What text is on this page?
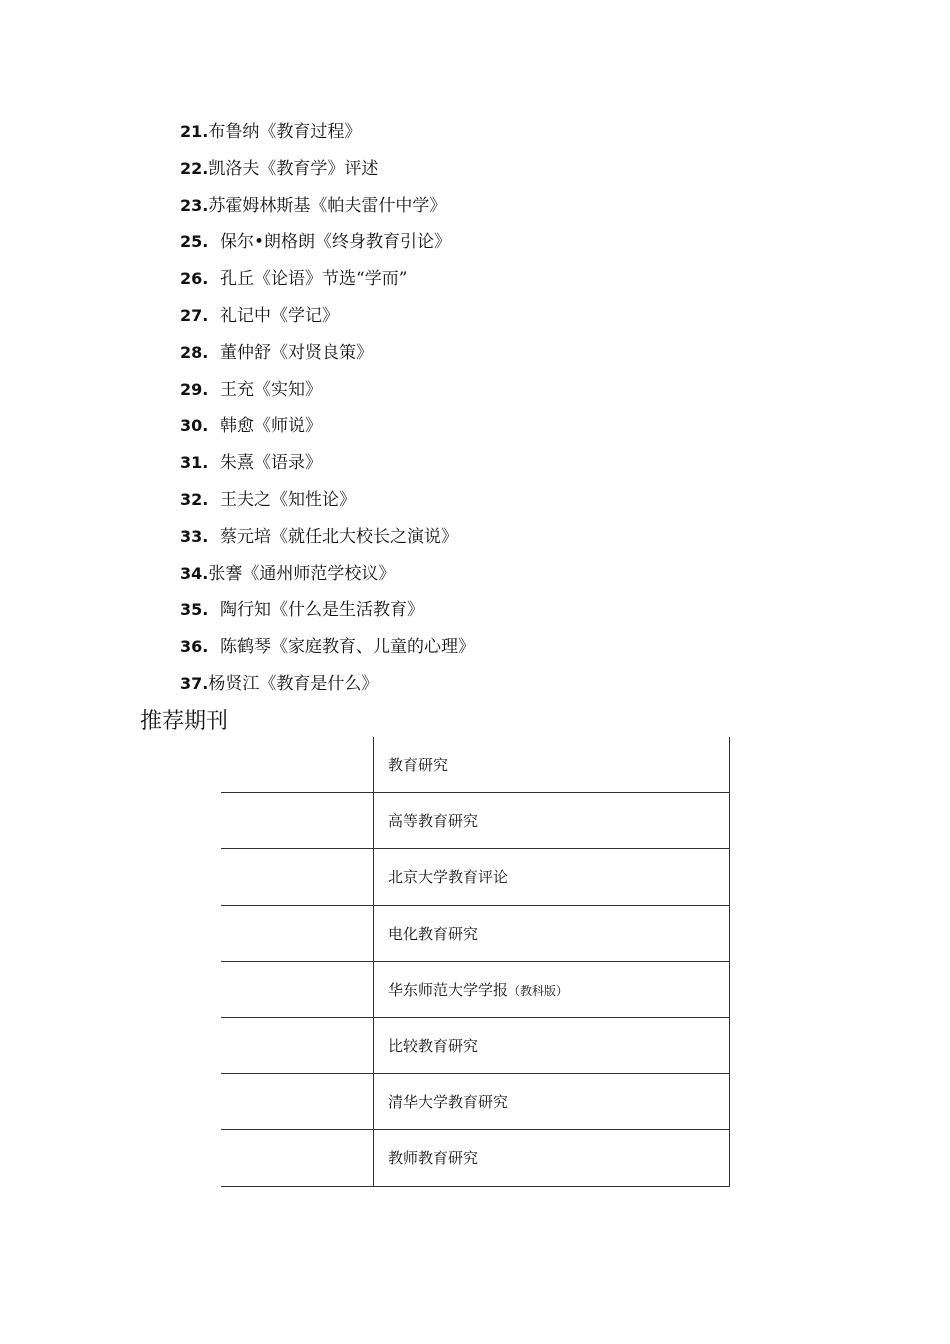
21.布鲁纳《教育过程》
22.凯洛夫《教育学》评述
23.苏霍姆林斯基《帕夫雷什中学》
25. 保尔•朗格朗《终身教育引论》
26. 孔丘《论语》节选“学而”
27. 礼记中《学记》
28. 董仲舒《对贤良策》
29. 王充《实知》
30. 韩愈《师说》
31. 朱熹《语录》
32. 王夫之《知性论》
33. 蔡元培《就任北大校长之演说》
34.张謇《通州师范学校议》
35. 陶行知《什么是生活教育》
36. 陈鹤琴《家庭教育、儿童的心理》
37.杨贤江《教育是什么》
推荐期刊
	教育研究
	高等教育研究
	北京大学教育评论
	电化教育研究
	华东师范大学学报（教科版）
	比较教育研究
	清华大学教育研究
	教师教育研究
